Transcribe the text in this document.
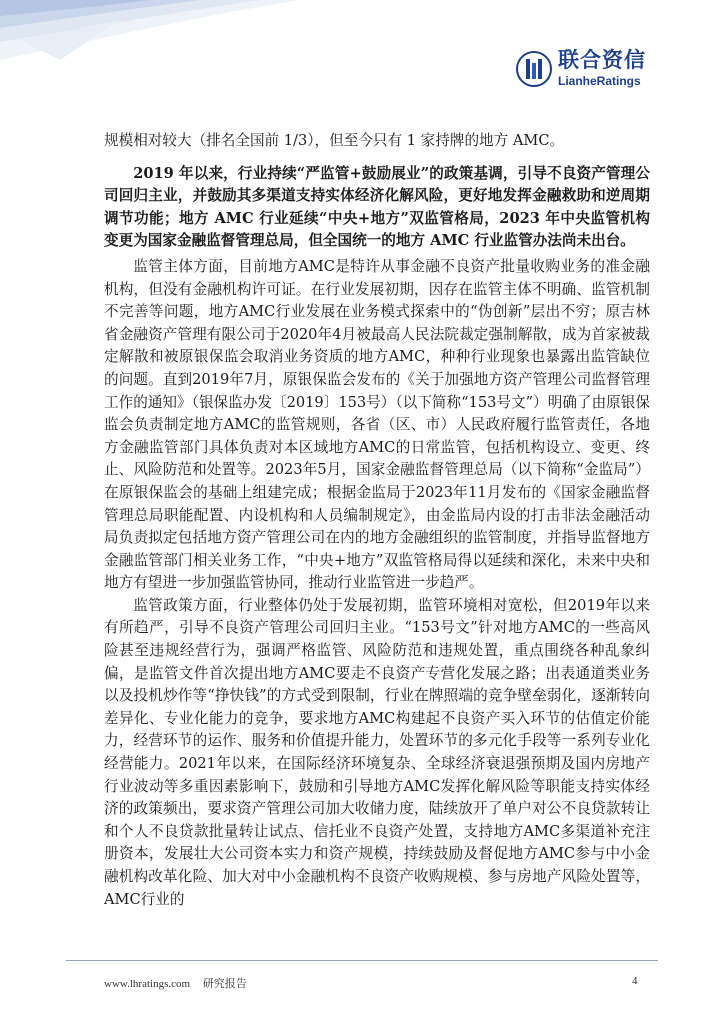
联合资信
LianheRatings

规模相对较大（排名全国前 1/3），但至今只有 1 家持牌的地方 AMC。

2019 年以来，行业持续“严监管+鼓励展业”的政策基调，引导不良资产管理公司回归主业，并鼓励其多渠道支持实体经济化解风险，更好地发挥金融救助和逆周期调节功能；地方 AMC 行业延续“中央+地方”双监管格局，2023 年中央监管机构变更为国家金融监督管理总局，但全国统一的地方 AMC 行业监管办法尚未出台。

监管主体方面，目前地方AMC是特许从事金融不良资产批量收购业务的准金融机构，但没有金融机构许可证。在行业发展初期，因存在监管主体不明确、监管机制不完善等问题，地方AMC行业发展在业务模式探索中的“伪创新”层出不穷；原吉林省金融资产管理有限公司于2020年4月被最高人民法院裁定强制解散，成为首家被裁定解散和被原银保监会取消业务资质的地方AMC，种种行业现象也暴露出监管缺位的问题。直到2019年7月，原银保监会发布的《关于加强地方资产管理公司监督管理工作的通知》（银保监办发〔2019〕153号）（以下简称“153号文”）明确了由原银保监会负责制定地方AMC的监管规则，各省（区、市）人民政府履行监管责任，各地方金融监管部门具体负责对本区域地方AMC的日常监管，包括机构设立、变更、终止、风险防范和处置等。2023年5月，国家金融监督管理总局（以下简称“金监局”）在原银保监会的基础上组建完成；根据金监局于2023年11月发布的《国家金融监督管理总局职能配置、内设机构和人员编制规定》，由金监局内设的打击非法金融活动局负责拟定包括地方资产管理公司在内的地方金融组织的监管制度，并指导监督地方金融监管部门相关业务工作，“中央+地方”双监管格局得以延续和深化，未来中央和地方有望进一步加强监管协同，推动行业监管进一步趋严。

监管政策方面，行业整体仍处于发展初期，监管环境相对宽松，但2019年以来有所趋严，引导不良资产管理公司回归主业。“153号文”针对地方AMC的一些高风险甚至违规经营行为，强调严格监管、风险防范和违规处置，重点围绕各种乱象纠偏，是监管文件首次提出地方AMC要走不良资产专营化发展之路；出表通道类业务以及投机炒作等“挣快钱”的方式受到限制，行业在牌照端的竞争壁垒弱化，逐渐转向差异化、专业化能力的竞争，要求地方AMC构建起不良资产买入环节的估值定价能力，经营环节的运作、服务和价值提升能力，处置环节的多元化手段等一系列专业化经营能力。2021年以来，在国际经济环境复杂、全球经济衰退强预期及国内房地产行业波动等多重因素影响下，鼓励和引导地方AMC发挥化解风险等职能支持实体经济的政策频出，要求资产管理公司加大收储力度，陆续放开了单户对公不良贷款转让和个人不良贷款批量转让试点、信托业不良资产处置，支持地方AMC多渠道补充注册资本，发展壮大公司资本实力和资产规模，持续鼓励及督促地方AMC参与中小金融机构改革化险、加大对中小金融机构不良资产收购规模、参与房地产风险处置等，AMC行业的

www.lhratings.com 研究报告	4
